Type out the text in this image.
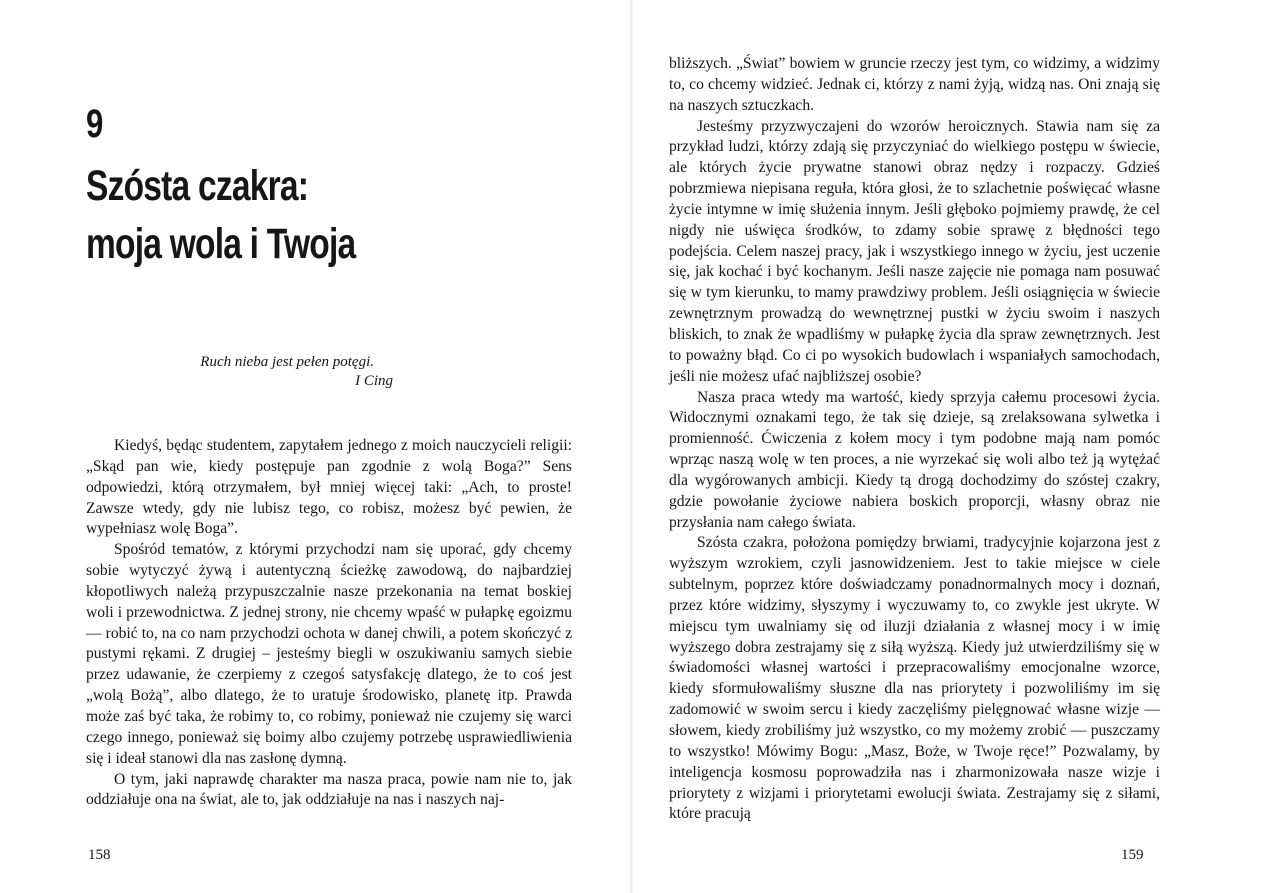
9
Szósta czakra:
moja wola i Twoja
Ruch nieba jest pełen potęgi.
I Cing

Kiedyś, będąc studentem, zapytałem jednego z moich nauczycieli religii: „Skąd pan wie, kiedy postępuje pan zgodnie z wolą Boga?” Sens odpowiedzi, którą otrzymałem, był mniej więcej taki: „Ach, to proste! Zawsze wtedy, gdy nie lubisz tego, co robisz, możesz być pewien, że wypełniasz wolę Boga”.

Spośród tematów, z którymi przychodzi nam się uporać, gdy chcemy sobie wytyczyć żywą i autentyczną ścieżkę zawodową, do najbardziej kłopotliwych należą przypuszczalnie nasze przekonania na temat boskiej woli i przewodnictwa. Z jednej strony, nie chcemy wpaść w pułapkę egoizmu — robić to, na co nam przychodzi ochota w danej chwili, a potem skończyć z pustymi rękami. Z drugiej – jesteśmy biegli w oszukiwaniu samych siebie przez udawanie, że czerpiemy z czegoś satysfakcję dlatego, że to coś jest „wolą Bożą”, albo dlatego, że to uratuje środowisko, planetę itp. Prawda może zaś być taka, że robimy to, co robimy, ponieważ nie czujemy się warci czego innego, ponieważ się boimy albo czujemy potrzebę usprawiedliwienia się i ideał stanowi dla nas zasłonę dymną.

O tym, jaki naprawdę charakter ma nasza praca, powie nam nie to, jak oddziałuje ona na świat, ale to, jak oddziałuje na nas i naszych naj-

158

bliższych. „Świat” bowiem w gruncie rzeczy jest tym, co widzimy, a widzimy to, co chcemy widzieć. Jednak ci, którzy z nami żyją, widzą nas. Oni znają się na naszych sztuczkach.

Jesteśmy przyzwyczajeni do wzorów heroicznych. Stawia nam się za przykład ludzi, którzy zdają się przyczyniać do wielkiego postępu w świecie, ale których życie prywatne stanowi obraz nędzy i rozpaczy. Gdzieś pobrzmiewa niepisana reguła, która głosi, że to szlachetnie poświęcać własne życie intymne w imię służenia innym. Jeśli głęboko pojmiemy prawdę, że cel nigdy nie uświęca środków, to zdamy sobie sprawę z błędności tego podejścia. Celem naszej pracy, jak i wszystkiego innego w życiu, jest uczenie się, jak kochać i być kochanym. Jeśli nasze zajęcie nie pomaga nam posuwać się w tym kierunku, to mamy prawdziwy problem. Jeśli osiągnięcia w świecie zewnętrznym prowadzą do wewnętrznej pustki w życiu swoim i naszych bliskich, to znak że wpadliśmy w pułapkę życia dla spraw zewnętrznych. Jest to poważny błąd. Co ci po wysokich budowlach i wspaniałych samochodach, jeśli nie możesz ufać najbliższej osobie?

Nasza praca wtedy ma wartość, kiedy sprzyja całemu procesowi życia. Widocznymi oznakami tego, że tak się dzieje, są zrelaksowana sylwetka i promienność. Ćwiczenia z kołem mocy i tym podobne mają nam pomóc wprząc naszą wolę w ten proces, a nie wyrzekać się woli albo też ją wytężać dla wygórowanych ambicji. Kiedy tą drogą dochodzimy do szóstej czakry, gdzie powołanie życiowe nabiera boskich proporcji, własny obraz nie przysłania nam całego świata.

Szósta czakra, położona pomiędzy brwiami, tradycyjnie kojarzona jest z wyższym wzrokiem, czyli jasnowidzeniem. Jest to takie miejsce w ciele subtelnym, poprzez które doświadczamy ponadnormalnych mocy i doznań, przez które widzimy, słyszymy i wyczuwamy to, co zwykle jest ukryte. W miejscu tym uwalniamy się od iluzji działania z własnej mocy i w imię wyższego dobra zestrajamy się z siłą wyższą. Kiedy już utwierdziliśmy się w świadomości własnej wartości i przepracowaliśmy emocjonalne wzorce, kiedy sformułowaliśmy słuszne dla nas priorytety i pozwoliliśmy im się zadomowić w swoim sercu i kiedy zaczęliśmy pielęgnować własne wizje — słowem, kiedy zrobiliśmy już wszystko, co my możemy zrobić — puszczamy to wszystko! Mówimy Bogu: „Masz, Boże, w Twoje ręce!” Pozwalamy, by inteligencja kosmosu poprowadziła nas i zharmonizowała nasze wizje i priorytety z wizjami i priorytetami ewolucji świata. Zestrajamy się z siłami, które pracują

159
